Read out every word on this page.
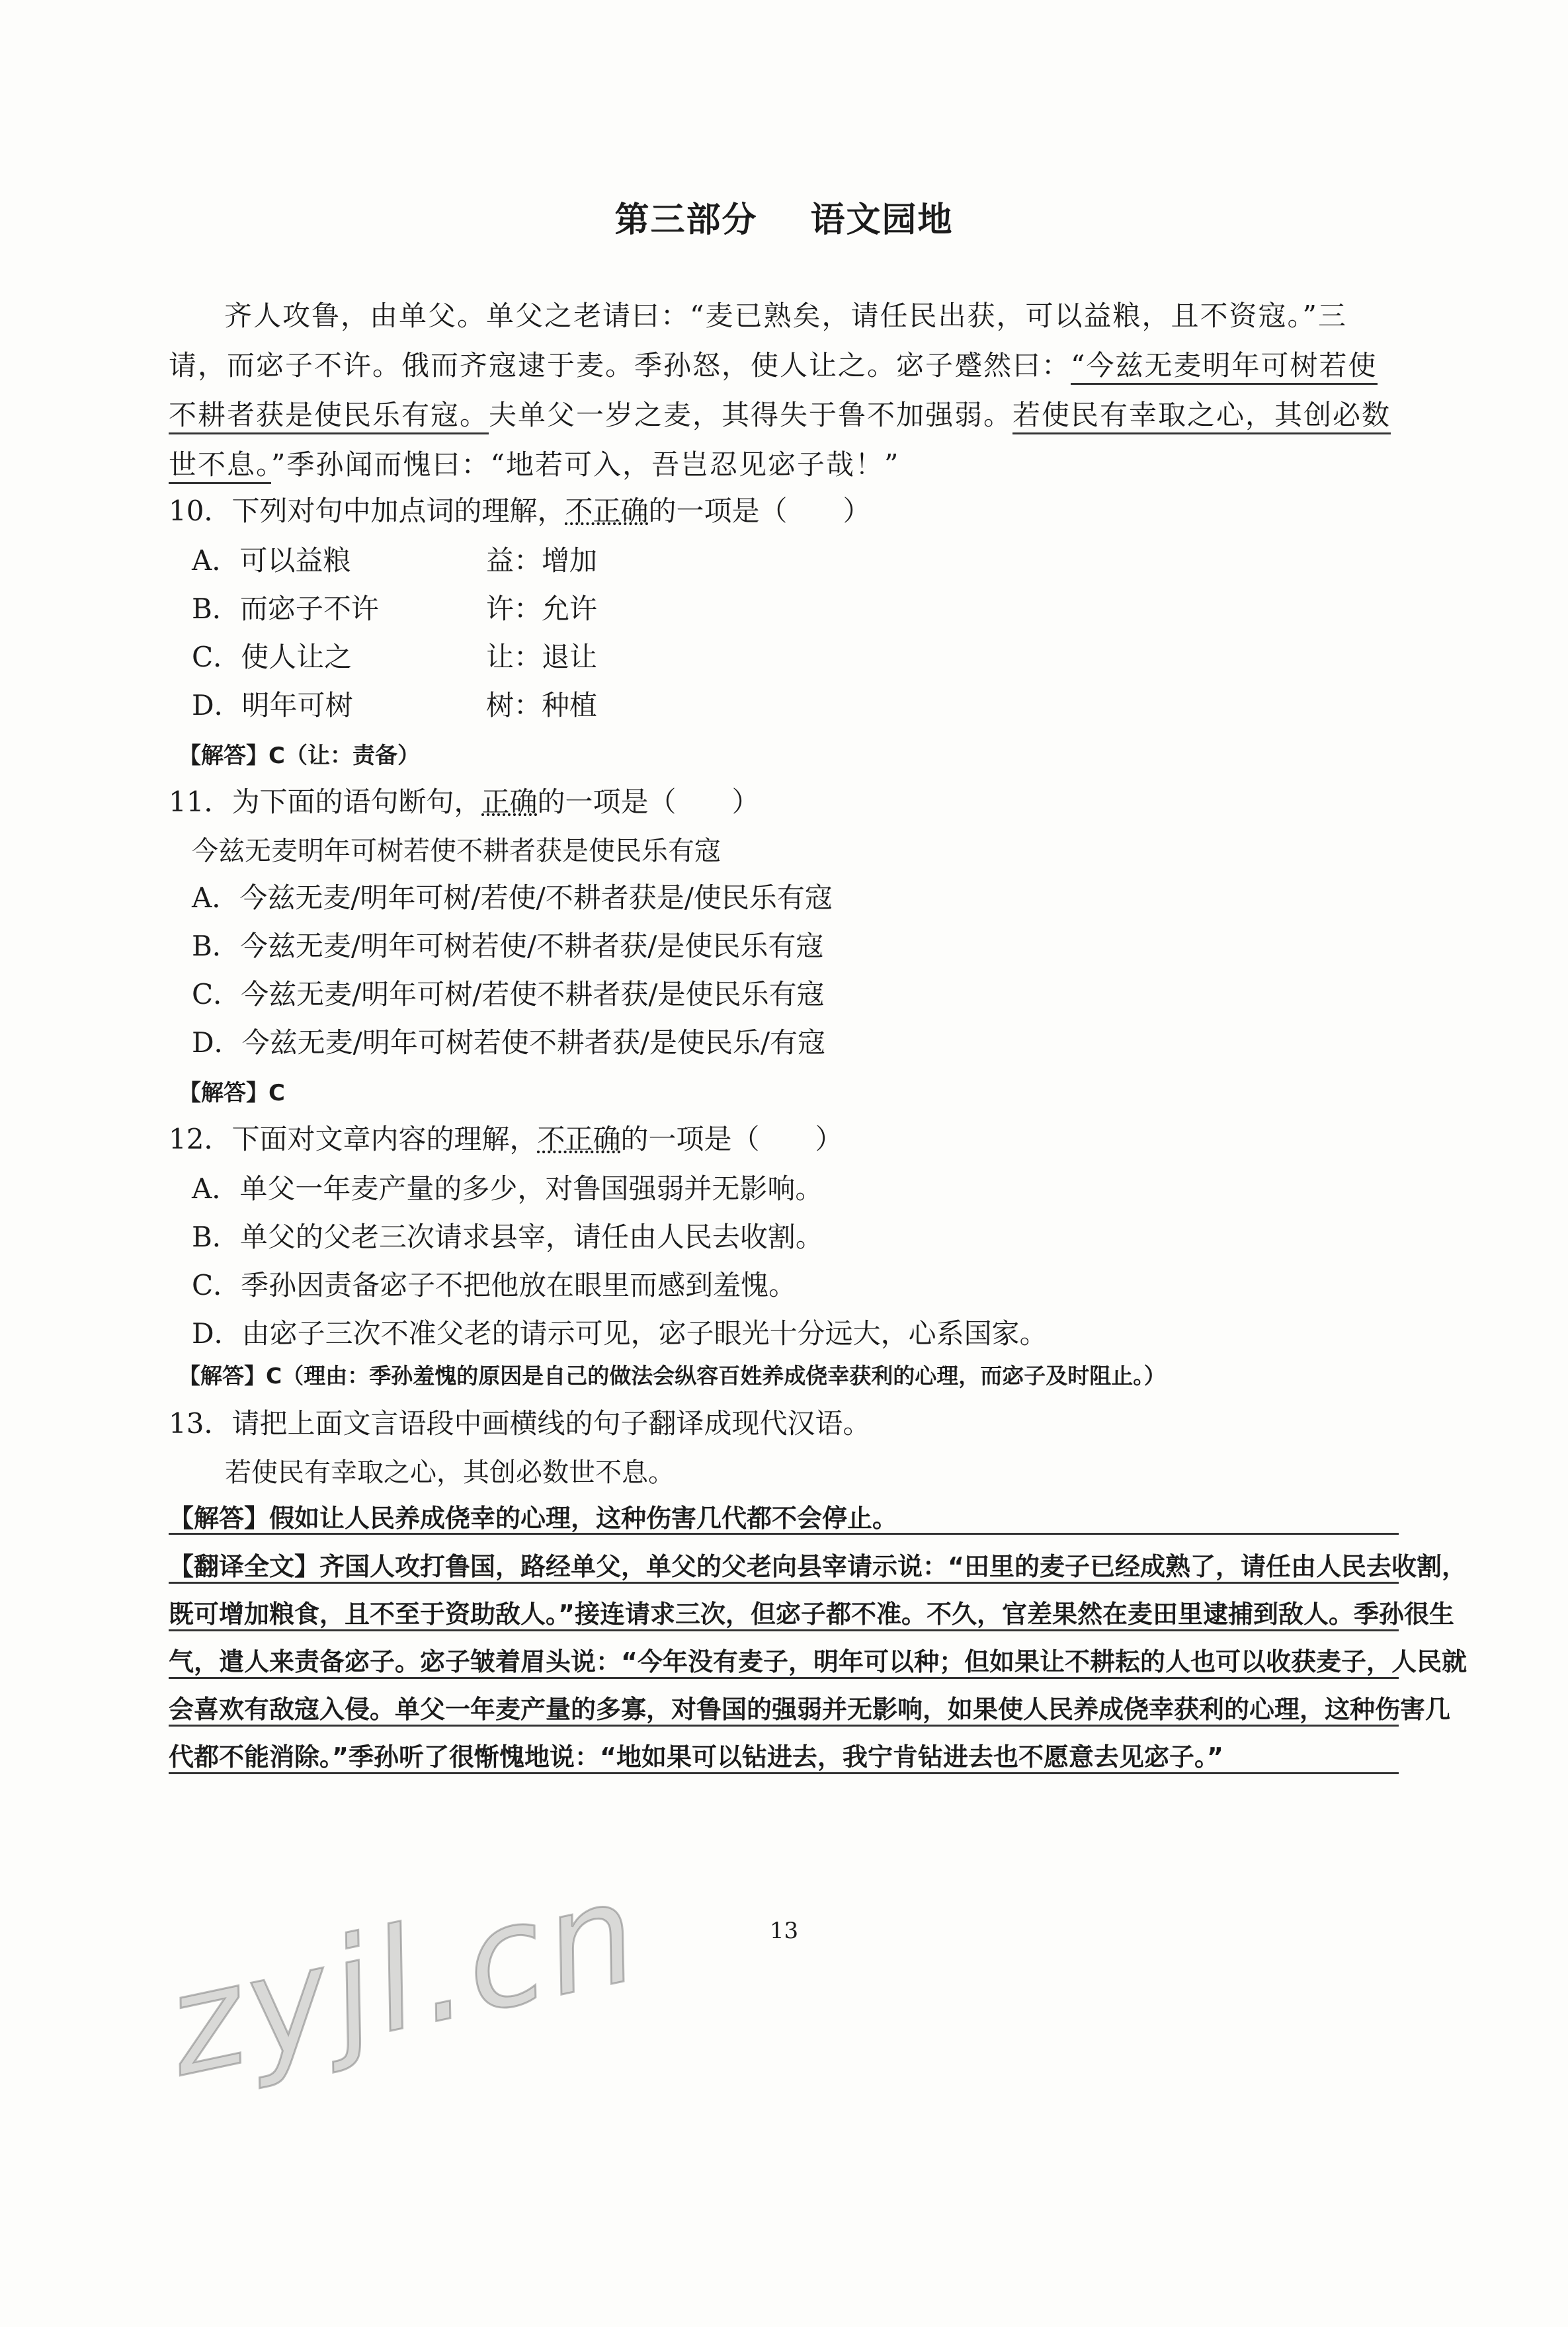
第三部分 语文园地
齐人攻鲁，由单父。单父之老请曰：“麦已熟矣，请任民出获，可以益粮，且不资寇。”三请，而宓子不许。俄而齐寇逮于麦。季孙怒，使人让之。宓子蹙然曰：“今兹无麦明年可树若使不耕者获是使民乐有寇。夫单父一岁之麦，其得失于鲁不加强弱。若使民有幸取之心，其创必数世不息。”季孙闻而愧曰：“地若可入，吾岂忍见宓子哉！”
10．下列对句中加点词的理解，不正确的一项是（　　）
A．可以益粮	益：增加
B．而宓子不许	许：允许
C．使人让之	让：退让
D．明年可树	树：种植
【解答】C（让：责备）
11．为下面的语句断句，正确的一项是（　　）
今兹无麦明年可树若使不耕者获是使民乐有寇
A．今兹无麦/明年可树/若使/不耕者获是/使民乐有寇
B．今兹无麦/明年可树若使/不耕者获/是使民乐有寇
C．今兹无麦/明年可树/若使不耕者获/是使民乐有寇
D．今兹无麦/明年可树若使不耕者获/是使民乐/有寇
【解答】C
12．下面对文章内容的理解，不正确的一项是（　　）
A．单父一年麦产量的多少，对鲁国强弱并无影响。
B．单父的父老三次请求县宰，请任由人民去收割。
C．季孙因责备宓子不把他放在眼里而感到羞愧。
D．由宓子三次不准父老的请示可见，宓子眼光十分远大，心系国家。
【解答】C（理由：季孙羞愧的原因是自己的做法会纵容百姓养成侥幸获利的心理，而宓子及时阻止。）
13．请把上面文言语段中画横线的句子翻译成现代汉语。
若使民有幸取之心，其创必数世不息。
【解答】假如让人民养成侥幸的心理，这种伤害几代都不会停止。
【翻译全文】齐国人攻打鲁国，路经单父，单父的父老向县宰请示说：“田里的麦子已经成熟了，请任由人民去收割，
既可增加粮食，且不至于资助敌人。”接连请求三次，但宓子都不准。不久，官差果然在麦田里逮捕到敌人。季孙很生
气，遣人来责备宓子。宓子皱着眉头说：“今年没有麦子，明年可以种；但如果让不耕耘的人也可以收获麦子，人民就
会喜欢有敌寇入侵。单父一年麦产量的多寡，对鲁国的强弱并无影响，如果使人民养成侥幸获利的心理，这种伤害几
代都不能消除。”季孙听了很惭愧地说：“地如果可以钻进去，我宁肯钻进去也不愿意去见宓子。”
zyjl.cn	13
